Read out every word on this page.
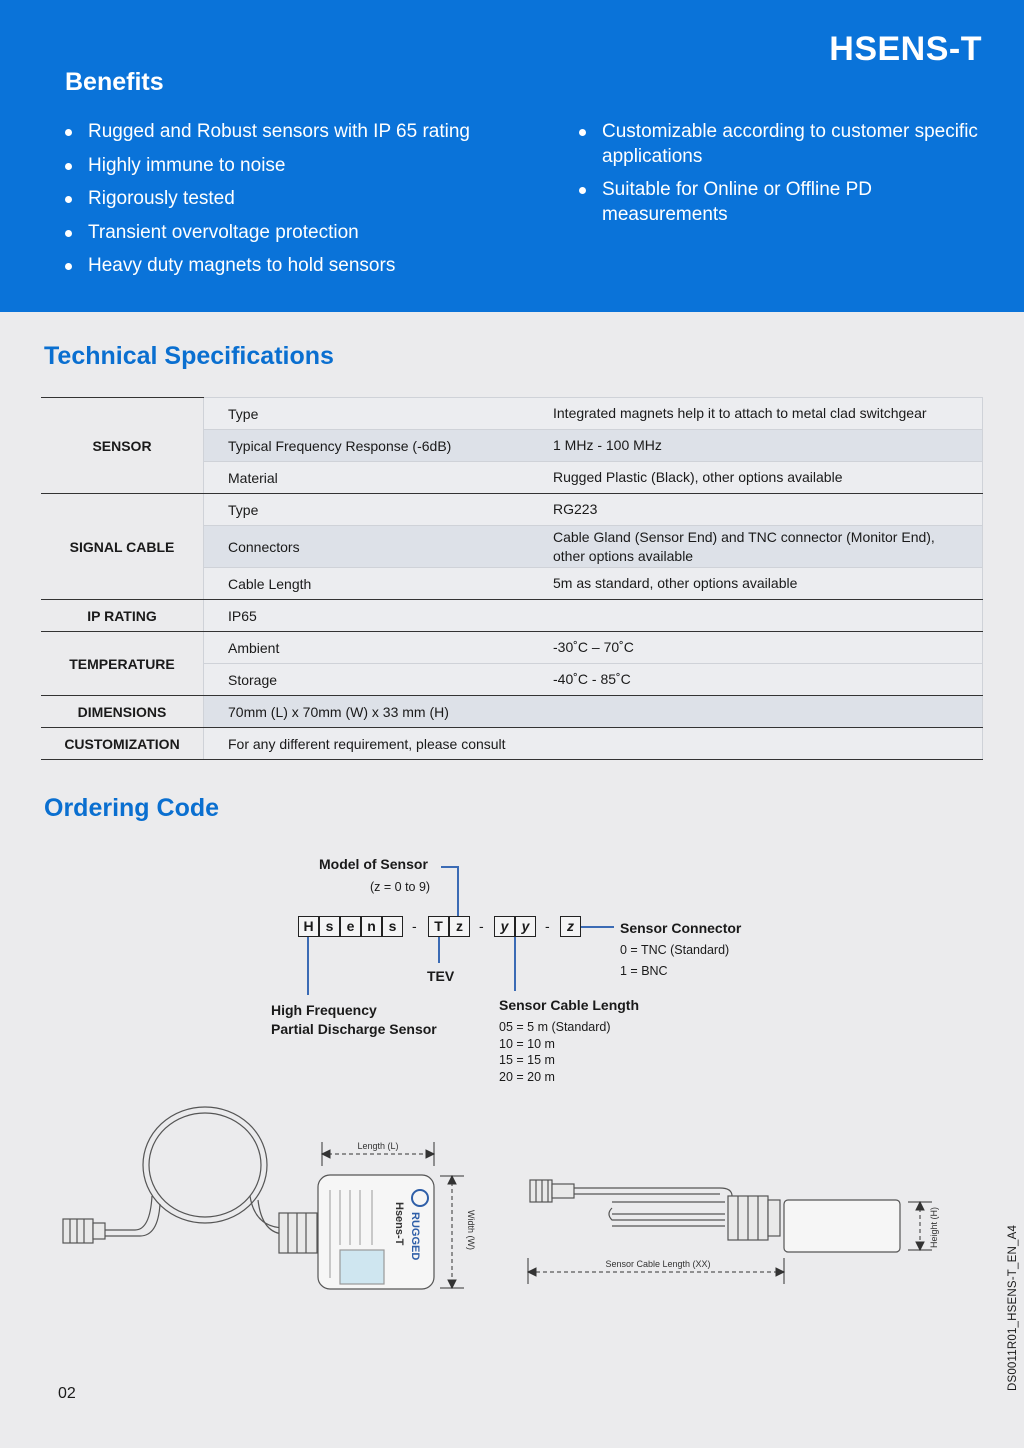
HSENS-T
Benefits
Rugged and Robust sensors with IP 65 rating
Highly immune to noise
Rigorously tested
Transient overvoltage protection
Heavy duty magnets to hold sensors
Customizable according to customer specific applications
Suitable for Online or Offline PD measurements
Technical Specifications
SENSOR	Type	Integrated magnets help it to attach to metal clad switchgear
	Typical Frequency Response (-6dB)	1 MHz - 100 MHz
	Material	Rugged Plastic (Black), other options available
SIGNAL CABLE	Type	RG223
	Connectors	Cable Gland (Sensor End) and TNC connector (Monitor End), other options available
	Cable Length	5m as standard, other options available
IP RATING	IP65	
TEMPERATURE	Ambient	-30˚C – 70˚C
	Storage	-40˚C - 85˚C
DIMENSIONS	70mm (L) x 70mm (W) x 33 mm (H)	
CUSTOMIZATION	For any different requirement, please consult	
Ordering Code

Model of Sensor

(z = 0 to 9)

H s e n s	-	T z	-	y y	-	z

TEV

Sensor Connector

0 = TNC (Standard)

1 = BNC

High Frequency

Partial Discharge Sensor

Sensor Cable Length

05 = 5 m (Standard)
10 = 10 m
15 = 15 m
20 = 20 m
Hsens-T RUGGED
Length (L)
Width (W)	Height (H)
Sensor Cable Length (XX)

02

DS0011R01_HSENS-T_EN_A4
